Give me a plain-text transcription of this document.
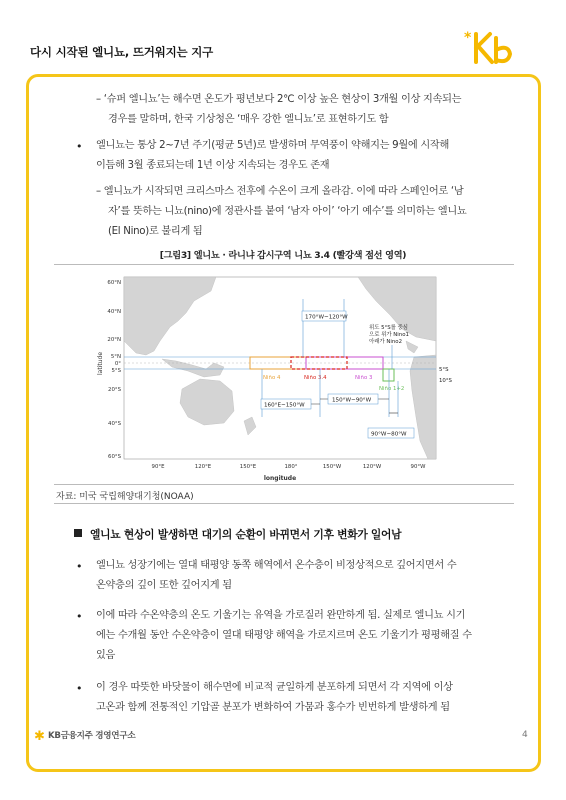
다시 시작된 엘니뇨, 뜨거워지는 지구
*
– ‘슈퍼 엘니뇨’는 해수면 온도가 평년보다 2℃ 이상 높은 현상이 3개월 이상 지속되는
경우를 말하며, 한국 기상청은 ‘매우 강한 엘니뇨’로 표현하기도 함
• 엘니뇨는 통상 2~7년 주기(평균 5년)로 발생하며 무역풍이 약해지는 9월에 시작해
이듬해 3월 종료되는데 1년 이상 지속되는 경우도 존재
– 엘니뇨가 시작되면 크리스마스 전후에 수온이 크게 올라감. 이에 따라 스페인어로 ‘남
자’를 뜻하는 니뇨(nino)에 정관사를 붙여 ‘남자 아이’ ‘아기 예수’를 의미하는 엘니뇨
(El Nino)로 불리게 됨
[그림3] 엘니뇨 · 라니냐 감시구역 니뇨 3.4 (빨강색 점선 영역)
Niño 4	Niño 3.4	Niño 3
Niño 1+2
170°W~120°W
160°E~150°W
150°W~90°W
90°W~80°W
위도 5°S를 중심
으로 위가 Nino1
아래가 Nino2
5°S
10°S
60°N
40°N
20°N
5°N
0°
5°S
20°S
40°S
60°S
latitude
90°E	120°E	150°E	180°	150°W	120°W	90°W
longitude
자료: 미국 국립해양대기청(NOAA)
엘니뇨 현상이 발생하면 대기의 순환이 바뀌면서 기후 변화가 일어남
• 엘니뇨 성장기에는 열대 태평양 동쪽 해역에서 온수층이 비정상적으로 깊어지면서 수
온약층의 깊이 또한 깊어지게 됨
• 이에 따라 수온약층의 온도 기울기는 유역을 가로질러 완만하게 됨. 실제로 엘니뇨 시기
에는 수개월 동안 수온약층이 열대 태평양 해역을 가로지르며 온도 기울기가 평평해질 수
있음
• 이 경우 따뜻한 바닷물이 해수면에 비교적 균일하게 분포하게 되면서 각 지역에 이상
고온과 함께 전통적인 기압골 분포가 변화하여 가뭄과 홍수가 빈번하게 발생하게 됨
✱ KB금융지주 경영연구소	4
